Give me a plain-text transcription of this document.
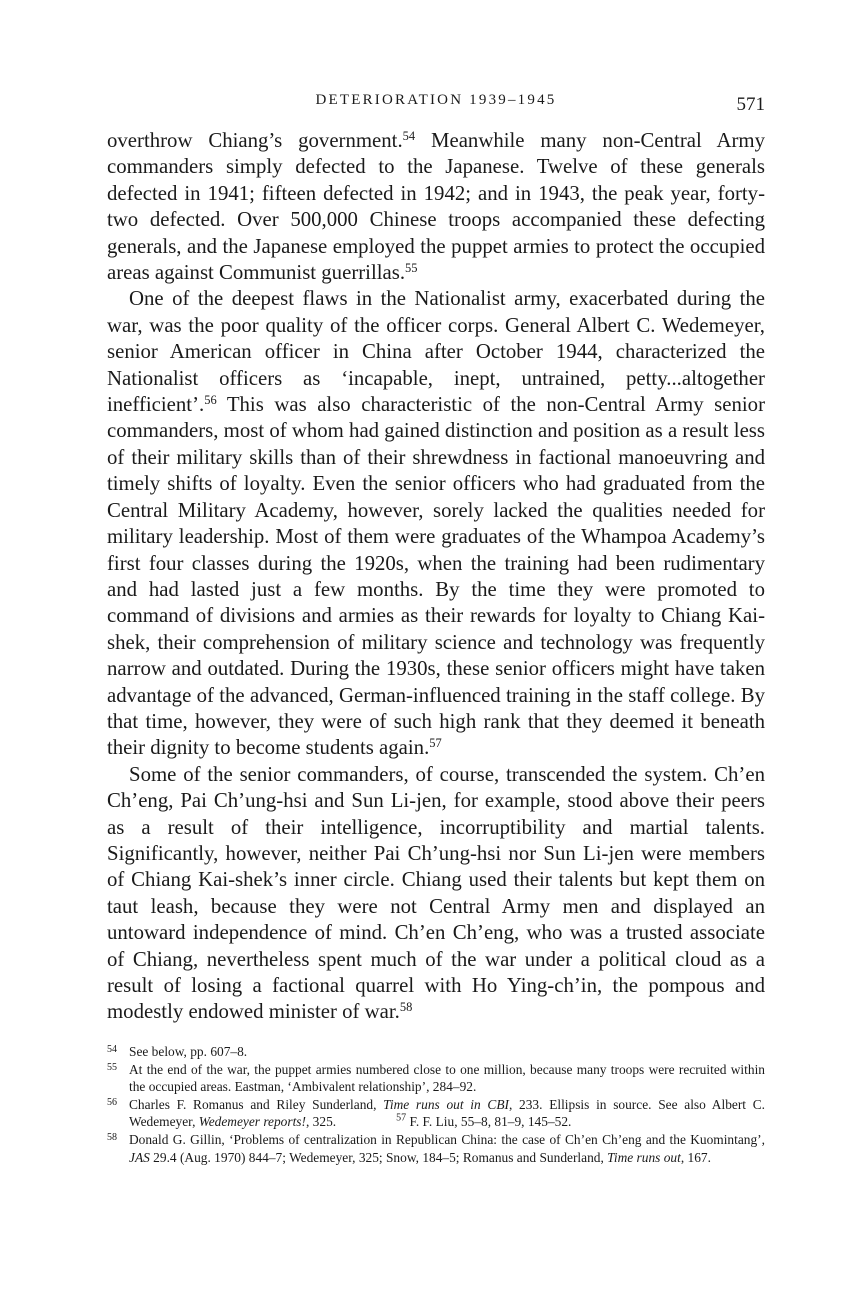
DETERIORATION 1939–1945	571

overthrow Chiang’s government.$^{54}$ Meanwhile many non-Central Army commanders simply defected to the Japanese. Twelve of these generals defected in 1941; fifteen defected in 1942; and in 1943, the peak year, forty-two defected. Over 500,000 Chinese troops accompanied these defecting generals, and the Japanese employed the puppet armies to protect the occupied areas against Communist guerrillas.$^{55}$

One of the deepest flaws in the Nationalist army, exacerbated during the war, was the poor quality of the officer corps. General Albert C. Wedemeyer, senior American officer in China after October 1944, characterized the Nationalist officers as ‘incapable, inept, untrained, petty...altogether inefficient’.$^{56}$ This was also characteristic of the non-Central Army senior commanders, most of whom had gained distinction and position as a result less of their military skills than of their shrewdness in factional manoeuvring and timely shifts of loyalty. Even the senior officers who had graduated from the Central Military Academy, however, sorely lacked the qualities needed for military leadership. Most of them were graduates of the Whampoa Academy’s first four classes during the 1920s, when the training had been rudimentary and had lasted just a few months. By the time they were promoted to command of divisions and armies as their rewards for loyalty to Chiang Kai-shek, their comprehension of military science and technology was frequently narrow and outdated. During the 1930s, these senior officers might have taken advantage of the advanced, German-influenced training in the staff college. By that time, however, they were of such high rank that they deemed it beneath their dignity to become students again.$^{57}$

Some of the senior commanders, of course, transcended the system. Ch’en Ch’eng, Pai Ch’ung-hsi and Sun Li-jen, for example, stood above their peers as a result of their intelligence, incorruptibility and martial talents. Significantly, however, neither Pai Ch’ung-hsi nor Sun Li-jen were members of Chiang Kai-shek’s inner circle. Chiang used their talents but kept them on taut leash, because they were not Central Army men and displayed an untoward independence of mind. Ch’en Ch’eng, who was a trusted associate of Chiang, nevertheless spent much of the war under a political cloud as a result of losing a factional quarrel with Ho Ying-ch’in, the pompous and modestly endowed minister of war.$^{58}$

54 See below, pp. 607–8.
55 At the end of the war, the puppet armies numbered close to one million, because many troops were recruited within the occupied areas. Eastman, ‘Ambivalent relationship’, 284–92.
56 Charles F. Romanus and Riley Sunderland, Time runs out in CBI, 233. Ellipsis in source. See also Albert C. Wedemeyer, Wedemeyer reports!, 325.	$^{57}$ F. F. Liu, 55–8, 81–9, 145–52.
58 Donald G. Gillin, ‘Problems of centralization in Republican China: the case of Ch’en Ch’eng and the Kuomintang’, JAS 29.4 (Aug. 1970) 844–7; Wedemeyer, 325; Snow, 184–5; Romanus and Sunderland, Time runs out, 167.
